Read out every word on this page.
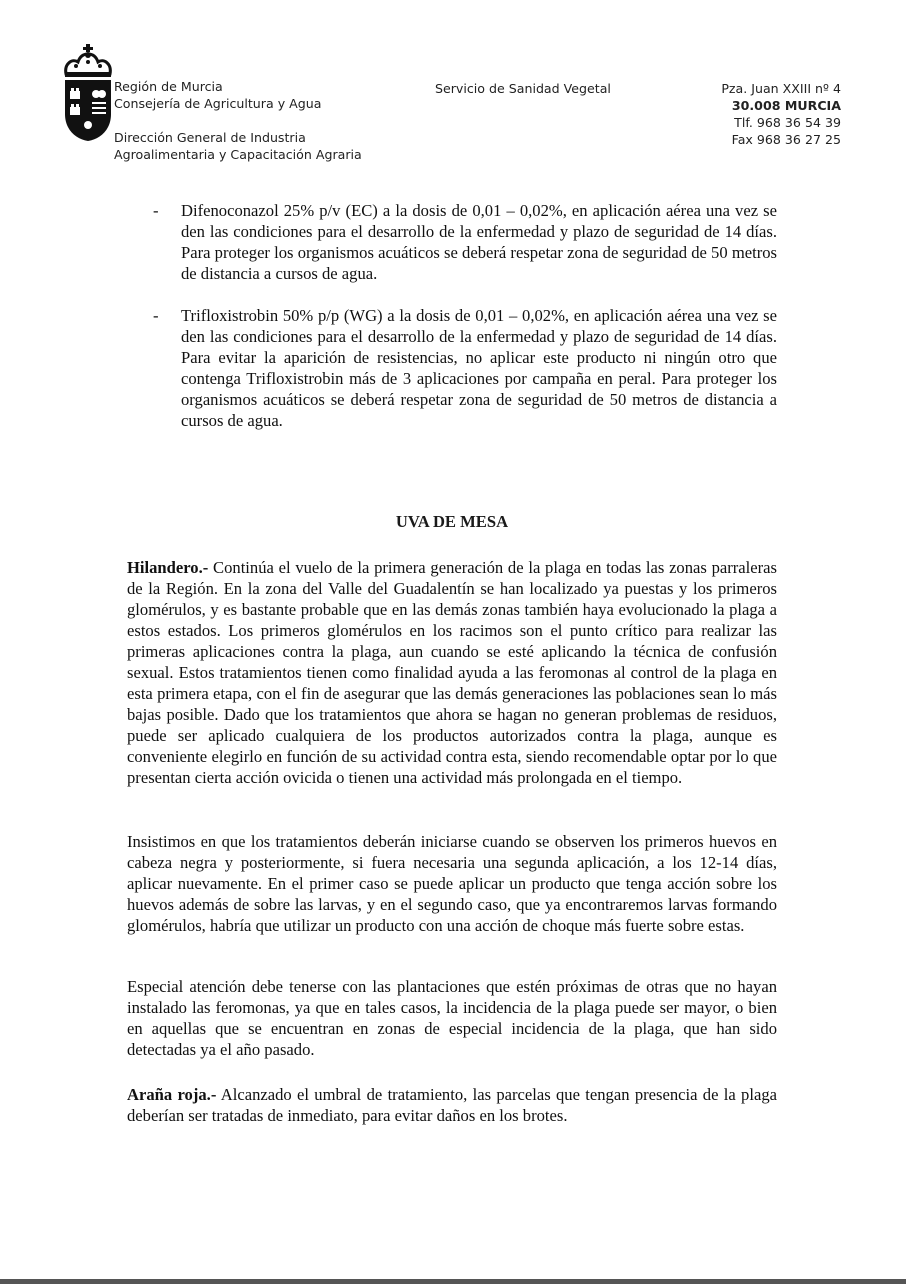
Región de Murcia
Consejería de Agricultura y Agua
Dirección General de Industria
Agroalimentaria y Capacitación Agraria
Servicio de Sanidad Vegetal	Pza. Juan XXIII nº 4
30.008 MURCIA
Tlf. 968 36 54 39
Fax 968 36 27 25
- Difenoconazol 25% p/v (EC) a la dosis de 0,01 – 0,02%, en aplicación aérea una vez se den las condiciones para el desarrollo de la enfermedad y plazo de seguridad de 14 días. Para proteger los organismos acuáticos se deberá respetar zona de seguridad de 50 metros de distancia a cursos de agua.
- Trifloxistrobin 50% p/p (WG) a la dosis de 0,01 – 0,02%, en aplicación aérea una vez se den las condiciones para el desarrollo de la enfermedad y plazo de seguridad de 14 días. Para evitar la aparición de resistencias, no aplicar este producto ni ningún otro que contenga Trifloxistrobin más de 3 aplicaciones por campaña en peral. Para proteger los organismos acuáticos se deberá respetar zona de seguridad de 50 metros de distancia a cursos de agua.
UVA DE MESA
Hilandero.- Continúa el vuelo de la primera generación de la plaga en todas las zonas parraleras de la Región. En la zona del Valle del Guadalentín se han localizado ya puestas y los primeros glomérulos, y es bastante probable que en las demás zonas también haya evolucionado la plaga a estos estados. Los primeros glomérulos en los racimos son el punto crítico para realizar las primeras aplicaciones contra la plaga, aun cuando se esté aplicando la técnica de confusión sexual. Estos tratamientos tienen como finalidad ayuda a las feromonas al control de la plaga en esta primera etapa, con el fin de asegurar que las demás generaciones las poblaciones sean lo más bajas posible. Dado que los tratamientos que ahora se hagan no generan problemas de residuos, puede ser aplicado cualquiera de los productos autorizados contra la plaga, aunque es conveniente elegirlo en función de su actividad contra esta, siendo recomendable optar por lo que presentan cierta acción ovicida o tienen una actividad más prolongada en el tiempo.
Insistimos en que los tratamientos deberán iniciarse cuando se observen los primeros huevos en cabeza negra y posteriormente, si fuera necesaria una segunda aplicación, a los 12-14 días, aplicar nuevamente. En el primer caso se puede aplicar un producto que tenga acción sobre los huevos además de sobre las larvas, y en el segundo caso, que ya encontraremos larvas formando glomérulos, habría que utilizar un producto con una acción de choque más fuerte sobre estas.
Especial atención debe tenerse con las plantaciones que estén próximas de otras que no hayan instalado las feromonas, ya que en tales casos, la incidencia de la plaga puede ser mayor, o bien en aquellas que se encuentran en zonas de especial incidencia de la plaga, que han sido detectadas ya el año pasado.
Araña roja.- Alcanzado el umbral de tratamiento, las parcelas que tengan presencia de la plaga deberían ser tratadas de inmediato, para evitar daños en los brotes.
